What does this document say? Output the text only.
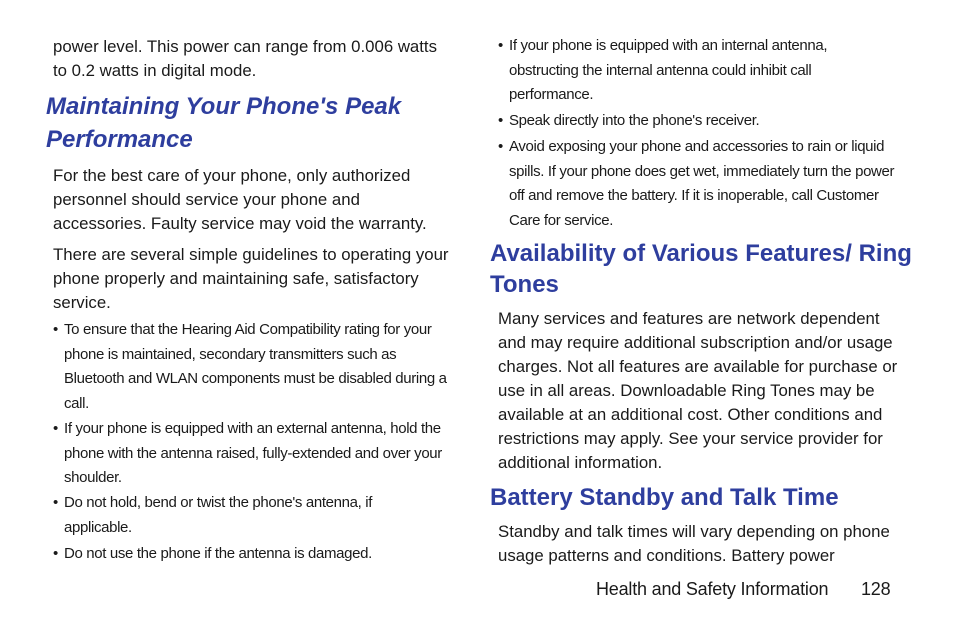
power level. This power can range from 0.006 watts to 0.2 watts in digital mode.

Maintaining Your Phone's Peak Performance

For the best care of your phone, only authorized personnel should service your phone and accessories. Faulty service may void the warranty.

There are several simple guidelines to operating your phone properly and maintaining safe, satisfactory service.

• To ensure that the Hearing Aid Compatibility rating for your phone is maintained, secondary transmitters such as Bluetooth and WLAN components must be disabled during a call.
• If your phone is equipped with an external antenna, hold the phone with the antenna raised, fully-extended and over your shoulder.
• Do not hold, bend or twist the phone's antenna, if applicable.
• Do not use the phone if the antenna is damaged.
• If your phone is equipped with an internal antenna, obstructing the internal antenna could inhibit call performance.
• Speak directly into the phone's receiver.
• Avoid exposing your phone and accessories to rain or liquid spills. If your phone does get wet, immediately turn the power off and remove the battery. If it is inoperable, call Customer Care for service.
Availability of Various Features/ Ring Tones

Many services and features are network dependent and may require additional subscription and/or usage charges. Not all features are available for purchase or use in all areas. Downloadable Ring Tones may be available at an additional cost. Other conditions and restrictions may apply. See your service provider for additional information.

Battery Standby and Talk Time

Standby and talk times will vary depending on phone usage patterns and conditions. Battery power

Health and Safety Information 128
